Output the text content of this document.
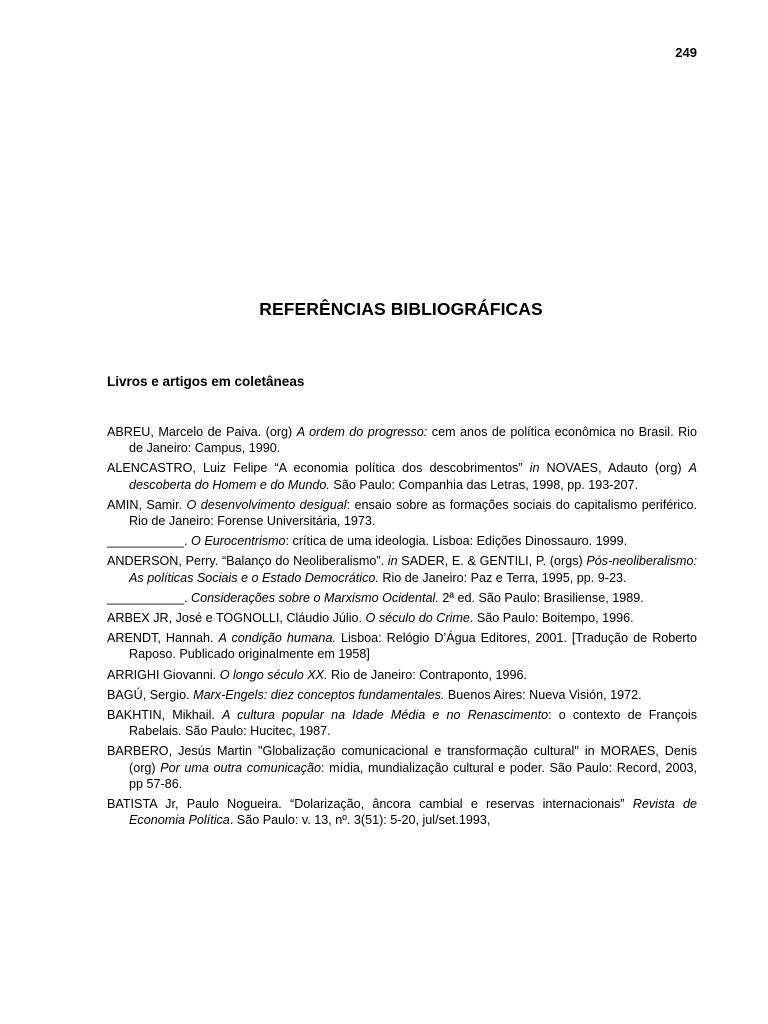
249
REFERÊNCIAS BIBLIOGRÁFICAS
Livros e artigos em coletâneas

ABREU, Marcelo de Paiva. (org) A ordem do progresso: cem anos de política econômica no Brasil. Rio de Janeiro: Campus, 1990.

ALENCASTRO, Luiz Felipe “A economia política dos descobrimentos” in NOVAES, Adauto (org) A descoberta do Homem e do Mundo. São Paulo: Companhia das Letras, 1998, pp. 193-207.

AMIN, Samir. O desenvolvimento desigual: ensaio sobre as formações sociais do capitalismo periférico. Rio de Janeiro: Forense Universitária, 1973.

___________. O Eurocentrismo: crítica de uma ideologia. Lisboa: Edições Dinossauro. 1999.

ANDERSON, Perry. “Balanço do Neoliberalismo”. in SADER, E. & GENTILI, P. (orgs) Pós-neoliberalismo: As políticas Sociais e o Estado Democrático. Rio de Janeiro: Paz e Terra, 1995, pp. 9-23.

___________. Considerações sobre o Marxismo Ocidental. 2ª ed. São Paulo: Brasiliense, 1989.

ARBEX JR, José e TOGNOLLI, Cláudio Júlio. O século do Crime. São Paulo: Boitempo, 1996.

ARENDT, Hannah. A condição humana. Lisboa: Relógio D’Água Editores, 2001. [Tradução de Roberto Raposo. Publicado originalmente em 1958]

ARRIGHI Giovanni. O longo século XX. Rio de Janeiro: Contraponto, 1996.

BAGÚ, Sergio. Marx-Engels: diez conceptos fundamentales. Buenos Aires: Nueva Visión, 1972.

BAKHTIN, Mikhail. A cultura popular na Idade Média e no Renascimento: o contexto de François Rabelais. São Paulo: Hucitec, 1987.

BARBERO, Jesús Martin "Globalização comunicacional e transformação cultural" in MORAES, Denis (org) Por uma outra comunicação: mídia, mundialização cultural e poder. São Paulo: Record, 2003, pp 57-86.

BATISTA Jr, Paulo Nogueira. “Dolarização, âncora cambial e reservas internacionais” Revista de Economia Política. São Paulo: v. 13, nº. 3(51): 5-20, jul/set.1993,
